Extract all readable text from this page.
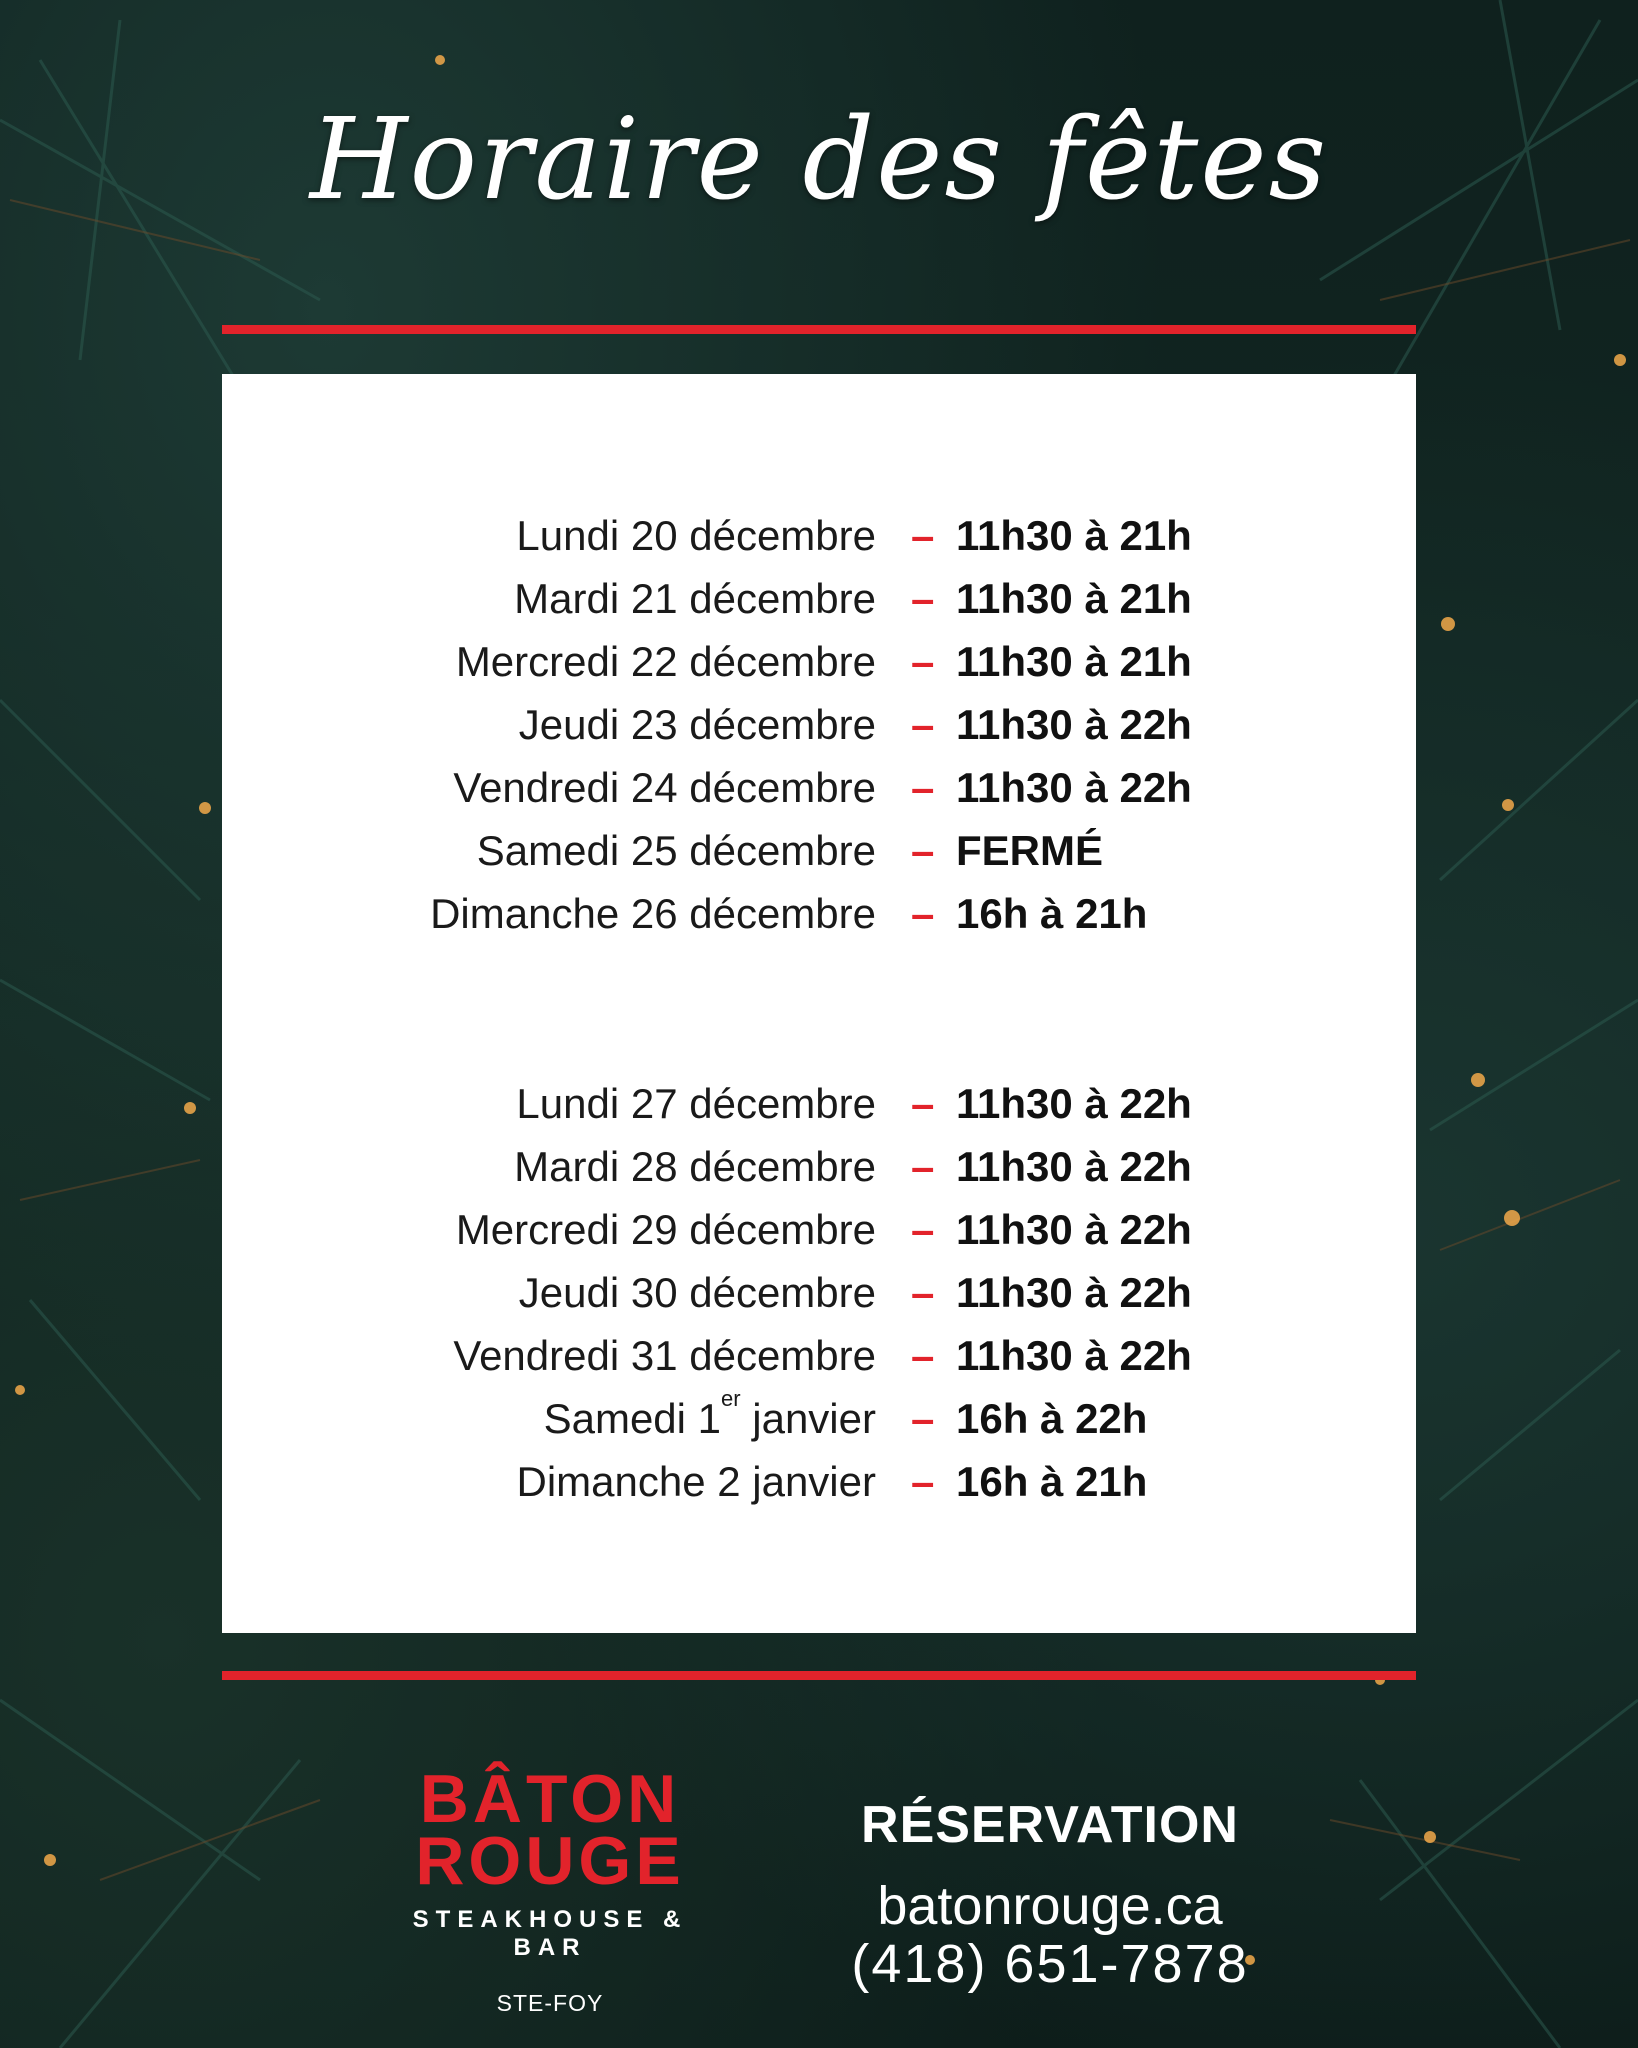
Horaire des fêtes
Lundi 20 décembre – 11h30 à 21h
Mardi 21 décembre – 11h30 à 21h
Mercredi 22 décembre – 11h30 à 21h
Jeudi 23 décembre – 11h30 à 22h
Vendredi 24 décembre – 11h30 à 22h
Samedi 25 décembre – FERMÉ
Dimanche 26 décembre – 16h à 21h
Lundi 27 décembre – 11h30 à 22h
Mardi 28 décembre – 11h30 à 22h
Mercredi 29 décembre – 11h30 à 22h
Jeudi 30 décembre – 11h30 à 22h
Vendredi 31 décembre – 11h30 à 22h
Samedi 1er janvier – 16h à 22h
Dimanche 2 janvier – 16h à 21h
BÂTON
ROUGE
STEAKHOUSE & BAR
STE-FOY
RÉSERVATION
batonrouge.ca
(418) 651-7878
